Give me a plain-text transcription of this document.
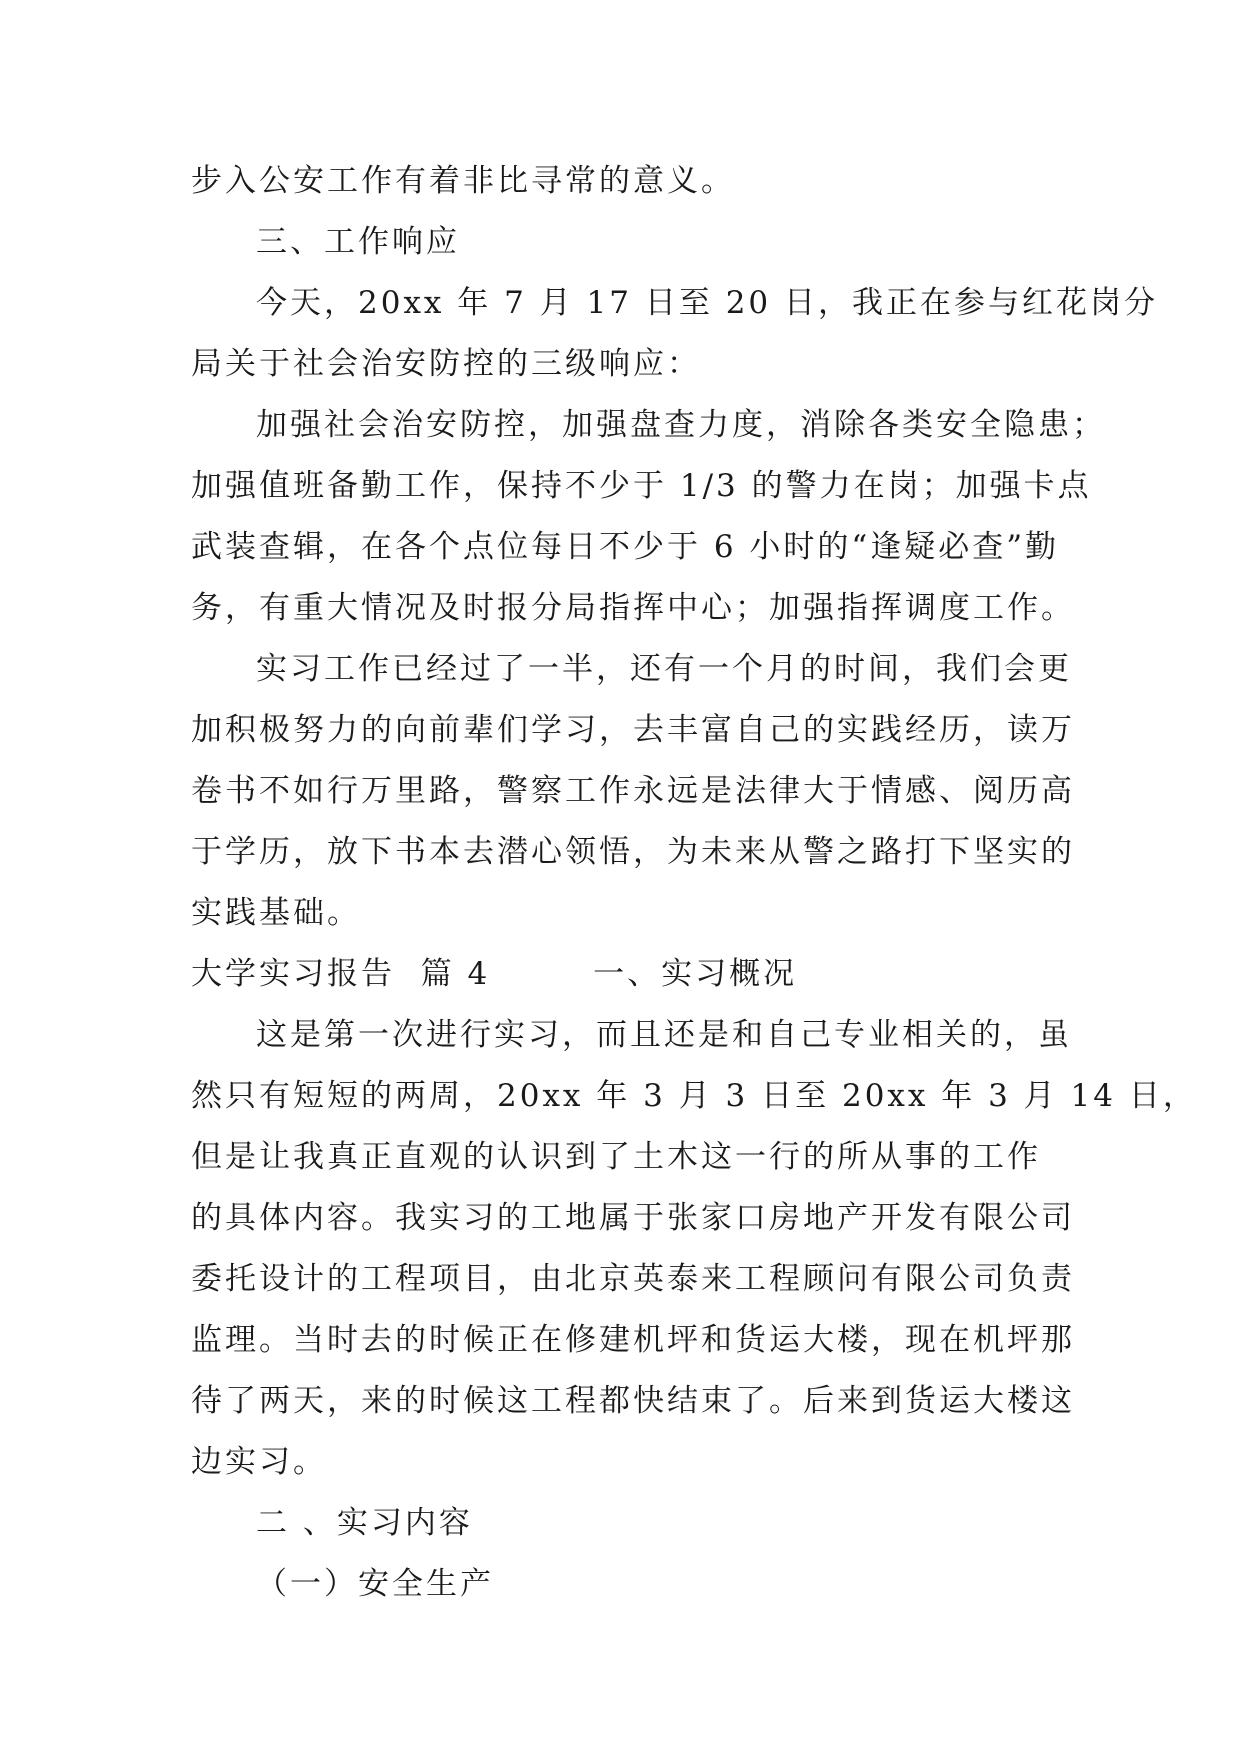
步入公安工作有着非比寻常的意义。
三、工作响应
今天，20xx 年 7 月 17 日至 20 日，我正在参与红花岗分
局关于社会治安防控的三级响应：
加强社会治安防控，加强盘查力度，消除各类安全隐患；
加强值班备勤工作，保持不少于 1/3 的警力在岗；加强卡点
武装查辑，在各个点位每日不少于 6 小时的“逢疑必查”勤
务，有重大情况及时报分局指挥中心；加强指挥调度工作。
实习工作已经过了一半，还有一个月的时间，我们会更
加积极努力的向前辈们学习，去丰富自己的实践经历，读万
卷书不如行万里路，警察工作永远是法律大于情感、阅历高
于学历，放下书本去潜心领悟，为未来从警之路打下坚实的
实践基础。
大学实习报告  篇 4        一、实习概况
这是第一次进行实习，而且还是和自己专业相关的，虽
然只有短短的两周，20xx 年 3 月 3 日至 20xx 年 3 月 14 日，
但是让我真正直观的认识到了土木这一行的所从事的工作
的具体内容。我实习的工地属于张家口房地产开发有限公司
委托设计的工程项目，由北京英泰来工程顾问有限公司负责
监理。当时去的时候正在修建机坪和货运大楼，现在机坪那
待了两天，来的时候这工程都快结束了。后来到货运大楼这
边实习。
二 、实习内容
（一）安全生产
